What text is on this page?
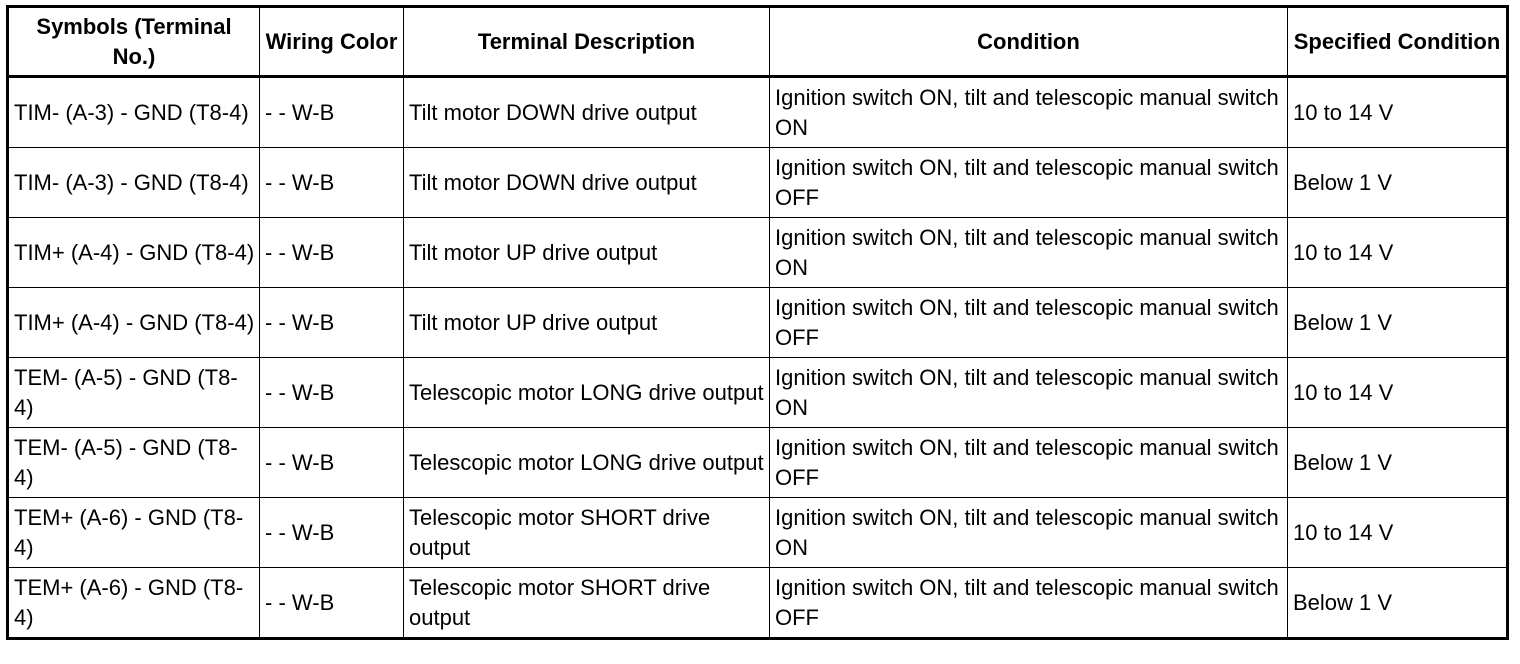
Symbols (Terminal No.)	Wiring Color	Terminal Description	Condition	Specified Condition
TIM- (A-3) - GND (T8-4)	- - W-B	Tilt motor DOWN drive output	Ignition switch ON, tilt and telescopic manual switch ON	10 to 14 V
TIM- (A-3) - GND (T8-4)	- - W-B	Tilt motor DOWN drive output	Ignition switch ON, tilt and telescopic manual switch OFF	Below 1 V
TIM+ (A-4) - GND (T8-4)	- - W-B	Tilt motor UP drive output	Ignition switch ON, tilt and telescopic manual switch ON	10 to 14 V
TIM+ (A-4) - GND (T8-4)	- - W-B	Tilt motor UP drive output	Ignition switch ON, tilt and telescopic manual switch OFF	Below 1 V
TEM- (A-5) - GND (T8-4)	- - W-B	Telescopic motor LONG drive output	Ignition switch ON, tilt and telescopic manual switch ON	10 to 14 V
TEM- (A-5) - GND (T8-4)	- - W-B	Telescopic motor LONG drive output	Ignition switch ON, tilt and telescopic manual switch OFF	Below 1 V
TEM+ (A-6) - GND (T8-4)	- - W-B	Telescopic motor SHORT drive output	Ignition switch ON, tilt and telescopic manual switch ON	10 to 14 V
TEM+ (A-6) - GND (T8-4)	- - W-B	Telescopic motor SHORT drive output	Ignition switch ON, tilt and telescopic manual switch OFF	Below 1 V
